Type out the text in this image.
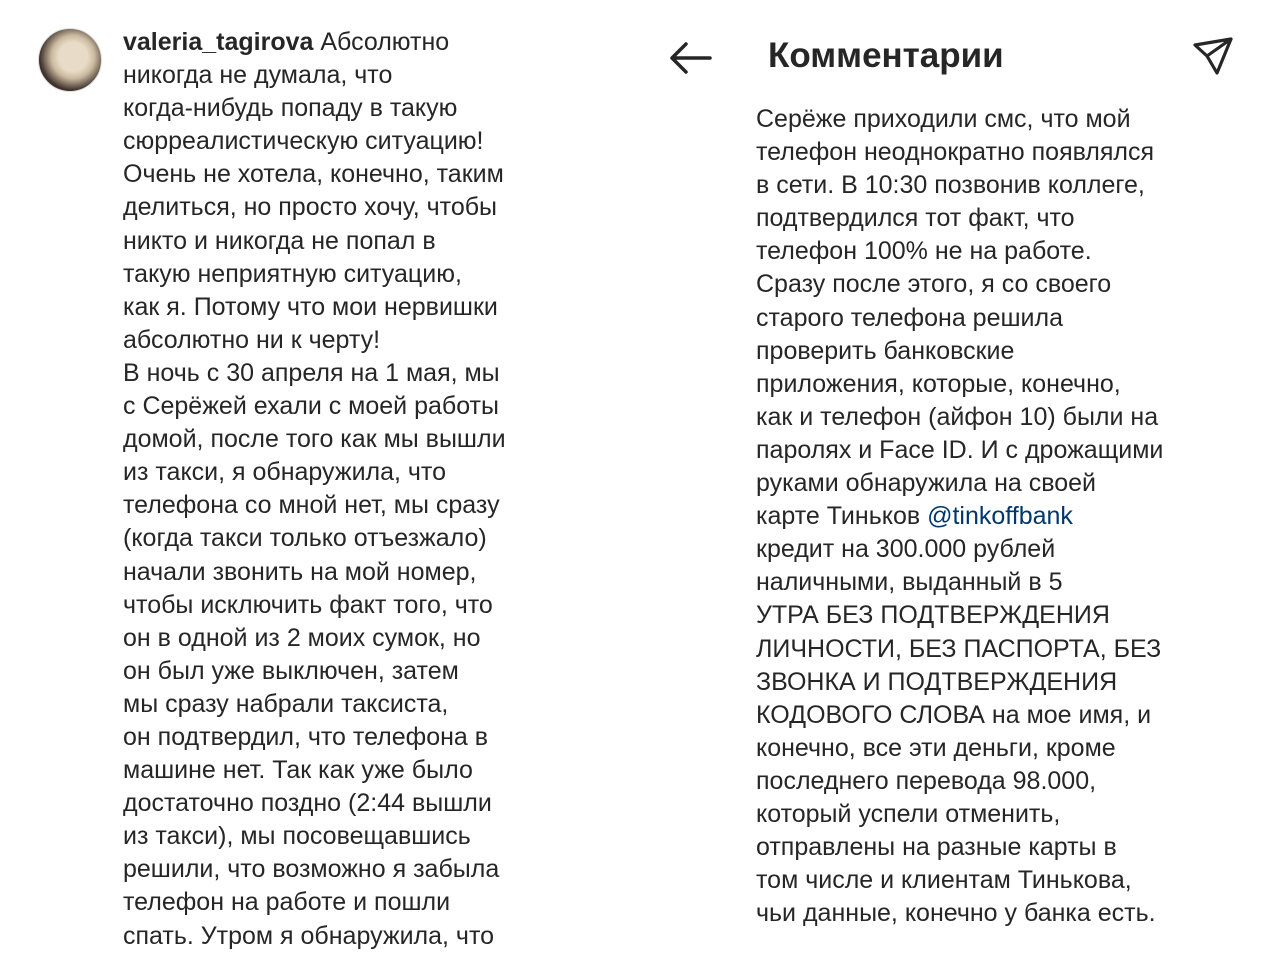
valeria_tagirova Абсолютно
никогда не думала, что
когда-нибудь попаду в такую
сюрреалистическую ситуацию!
Очень не хотела, конечно, таким
делиться, но просто хочу, чтобы
никто и никогда не попал в
такую неприятную ситуацию,
как я. Потому что мои нервишки
абсолютно ни к черту!
В ночь с 30 апреля на 1 мая, мы
с Серёжей ехали с моей работы
домой, после того как мы вышли
из такси, я обнаружила, что
телефона со мной нет, мы сразу
(когда такси только отъезжало)
начали звонить на мой номер,
чтобы исключить факт того, что
он в одной из 2 моих сумок, но
он был уже выключен, затем
мы сразу набрали таксиста,
он подтвердил, что телефона в
машине нет. Так как уже было
достаточно поздно (2:44 вышли
из такси), мы посовещавшись
решили, что возможно я забыла
телефон на работе и пошли
спать. Утром я обнаружила, что
Комментарии
Серёже приходили смс, что мой
телефон неоднократно появлялся
в сети. В 10:30 позвонив коллеге,
подтвердился тот факт, что
телефон 100% не на работе.
Сразу после этого, я со своего
старого телефона решила
проверить банковские
приложения, которые, конечно,
как и телефон (айфон 10) были на
паролях и Face ID. И с дрожащими
руками обнаружила на своей
карте Тиньков @tinkoffbank
кредит на 300.000 рублей
наличными, выданный в 5
УТРА БЕЗ ПОДТВЕРЖДЕНИЯ
ЛИЧНОСТИ, БЕЗ ПАСПОРТА, БЕЗ
ЗВОНКА И ПОДТВЕРЖДЕНИЯ
КОДОВОГО СЛОВА на мое имя, и
конечно, все эти деньги, кроме
последнего перевода 98.000,
который успели отменить,
отправлены на разные карты в
том числе и клиентам Тинькова,
чьи данные, конечно у банка есть.
